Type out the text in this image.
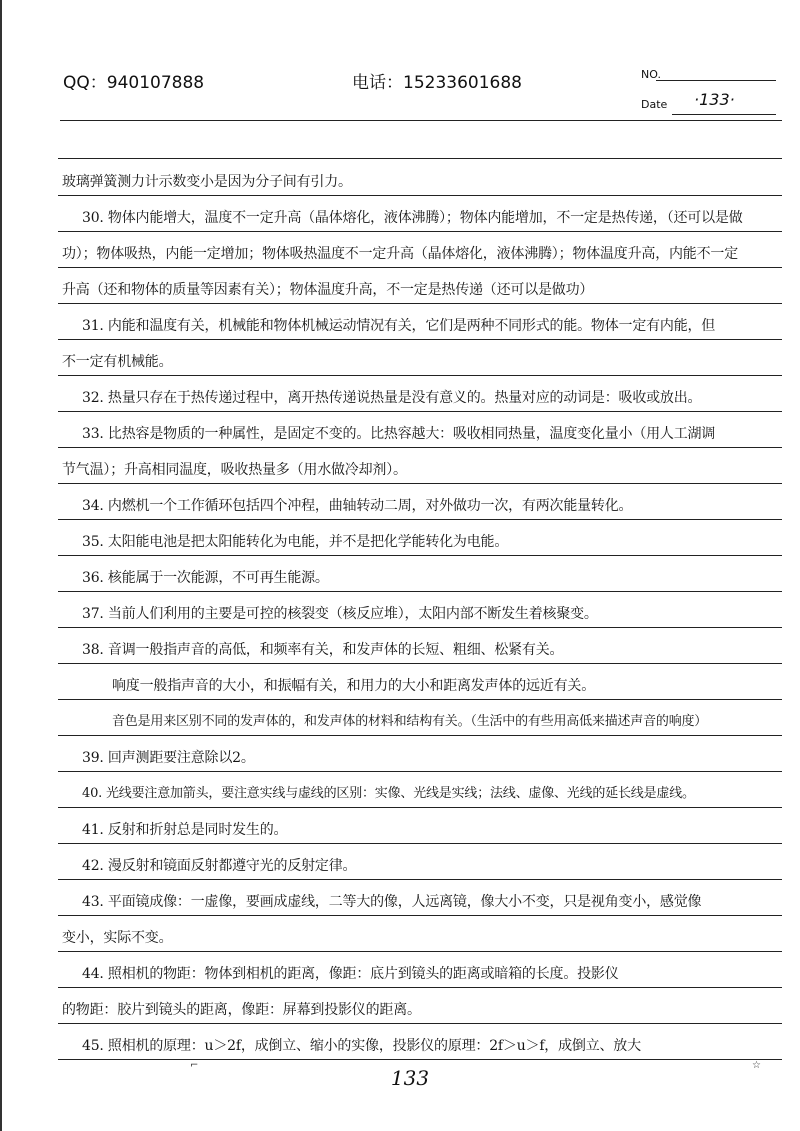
QQ：940107888	电话：15233601688	NO.
Date ·133·
玻璃弹簧测力计示数变小是因为分子间有引力。
30. 物体内能增大，温度不一定升高（晶体熔化，液体沸腾）；物体内能增加，不一定是热传递，（还可以是做
功）；物体吸热，内能一定增加；物体吸热温度不一定升高（晶体熔化，液体沸腾）；物体温度升高，内能不一定
升高（还和物体的质量等因素有关）；物体温度升高，不一定是热传递（还可以是做功）
31. 内能和温度有关，机械能和物体机械运动情况有关，它们是两种不同形式的能。物体一定有内能，但
不一定有机械能。
32. 热量只存在于热传递过程中，离开热传递说热量是没有意义的。热量对应的动词是：吸收或放出。
33. 比热容是物质的一种属性，是固定不变的。比热容越大：吸收相同热量，温度变化量小（用人工湖调
节气温）；升高相同温度，吸收热量多（用水做冷却剂）。
34. 内燃机一个工作循环包括四个冲程，曲轴转动二周，对外做功一次，有两次能量转化。
35. 太阳能电池是把太阳能转化为电能，并不是把化学能转化为电能。
36. 核能属于一次能源，不可再生能源。
37. 当前人们利用的主要是可控的核裂变（核反应堆），太阳内部不断发生着核聚变。
38. 音调一般指声音的高低，和频率有关，和发声体的长短、粗细、松紧有关。
响度一般指声音的大小，和振幅有关，和用力的大小和距离发声体的远近有关。
音色是用来区别不同的发声体的，和发声体的材料和结构有关。（生活中的有些用高低来描述声音的响度）
39. 回声测距要注意除以2。
40. 光线要注意加箭头，要注意实线与虚线的区别：实像、光线是实线；法线、虚像、光线的延长线是虚线。
41. 反射和折射总是同时发生的。
42. 漫反射和镜面反射都遵守光的反射定律。
43. 平面镜成像：一虚像，要画成虚线，二等大的像，人远离镜，像大小不变，只是视角变小，感觉像
变小，实际不变。
44. 照相机的物距：物体到相机的距离，像距：底片到镜头的距离或暗箱的长度。投影仪
的物距：胶片到镜头的距离，像距：屏幕到投影仪的距离。
45. 照相机的原理：u＞2f，成倒立、缩小的实像，投影仪的原理：2f＞u＞f，成倒立、放大
⌐	☆
133
